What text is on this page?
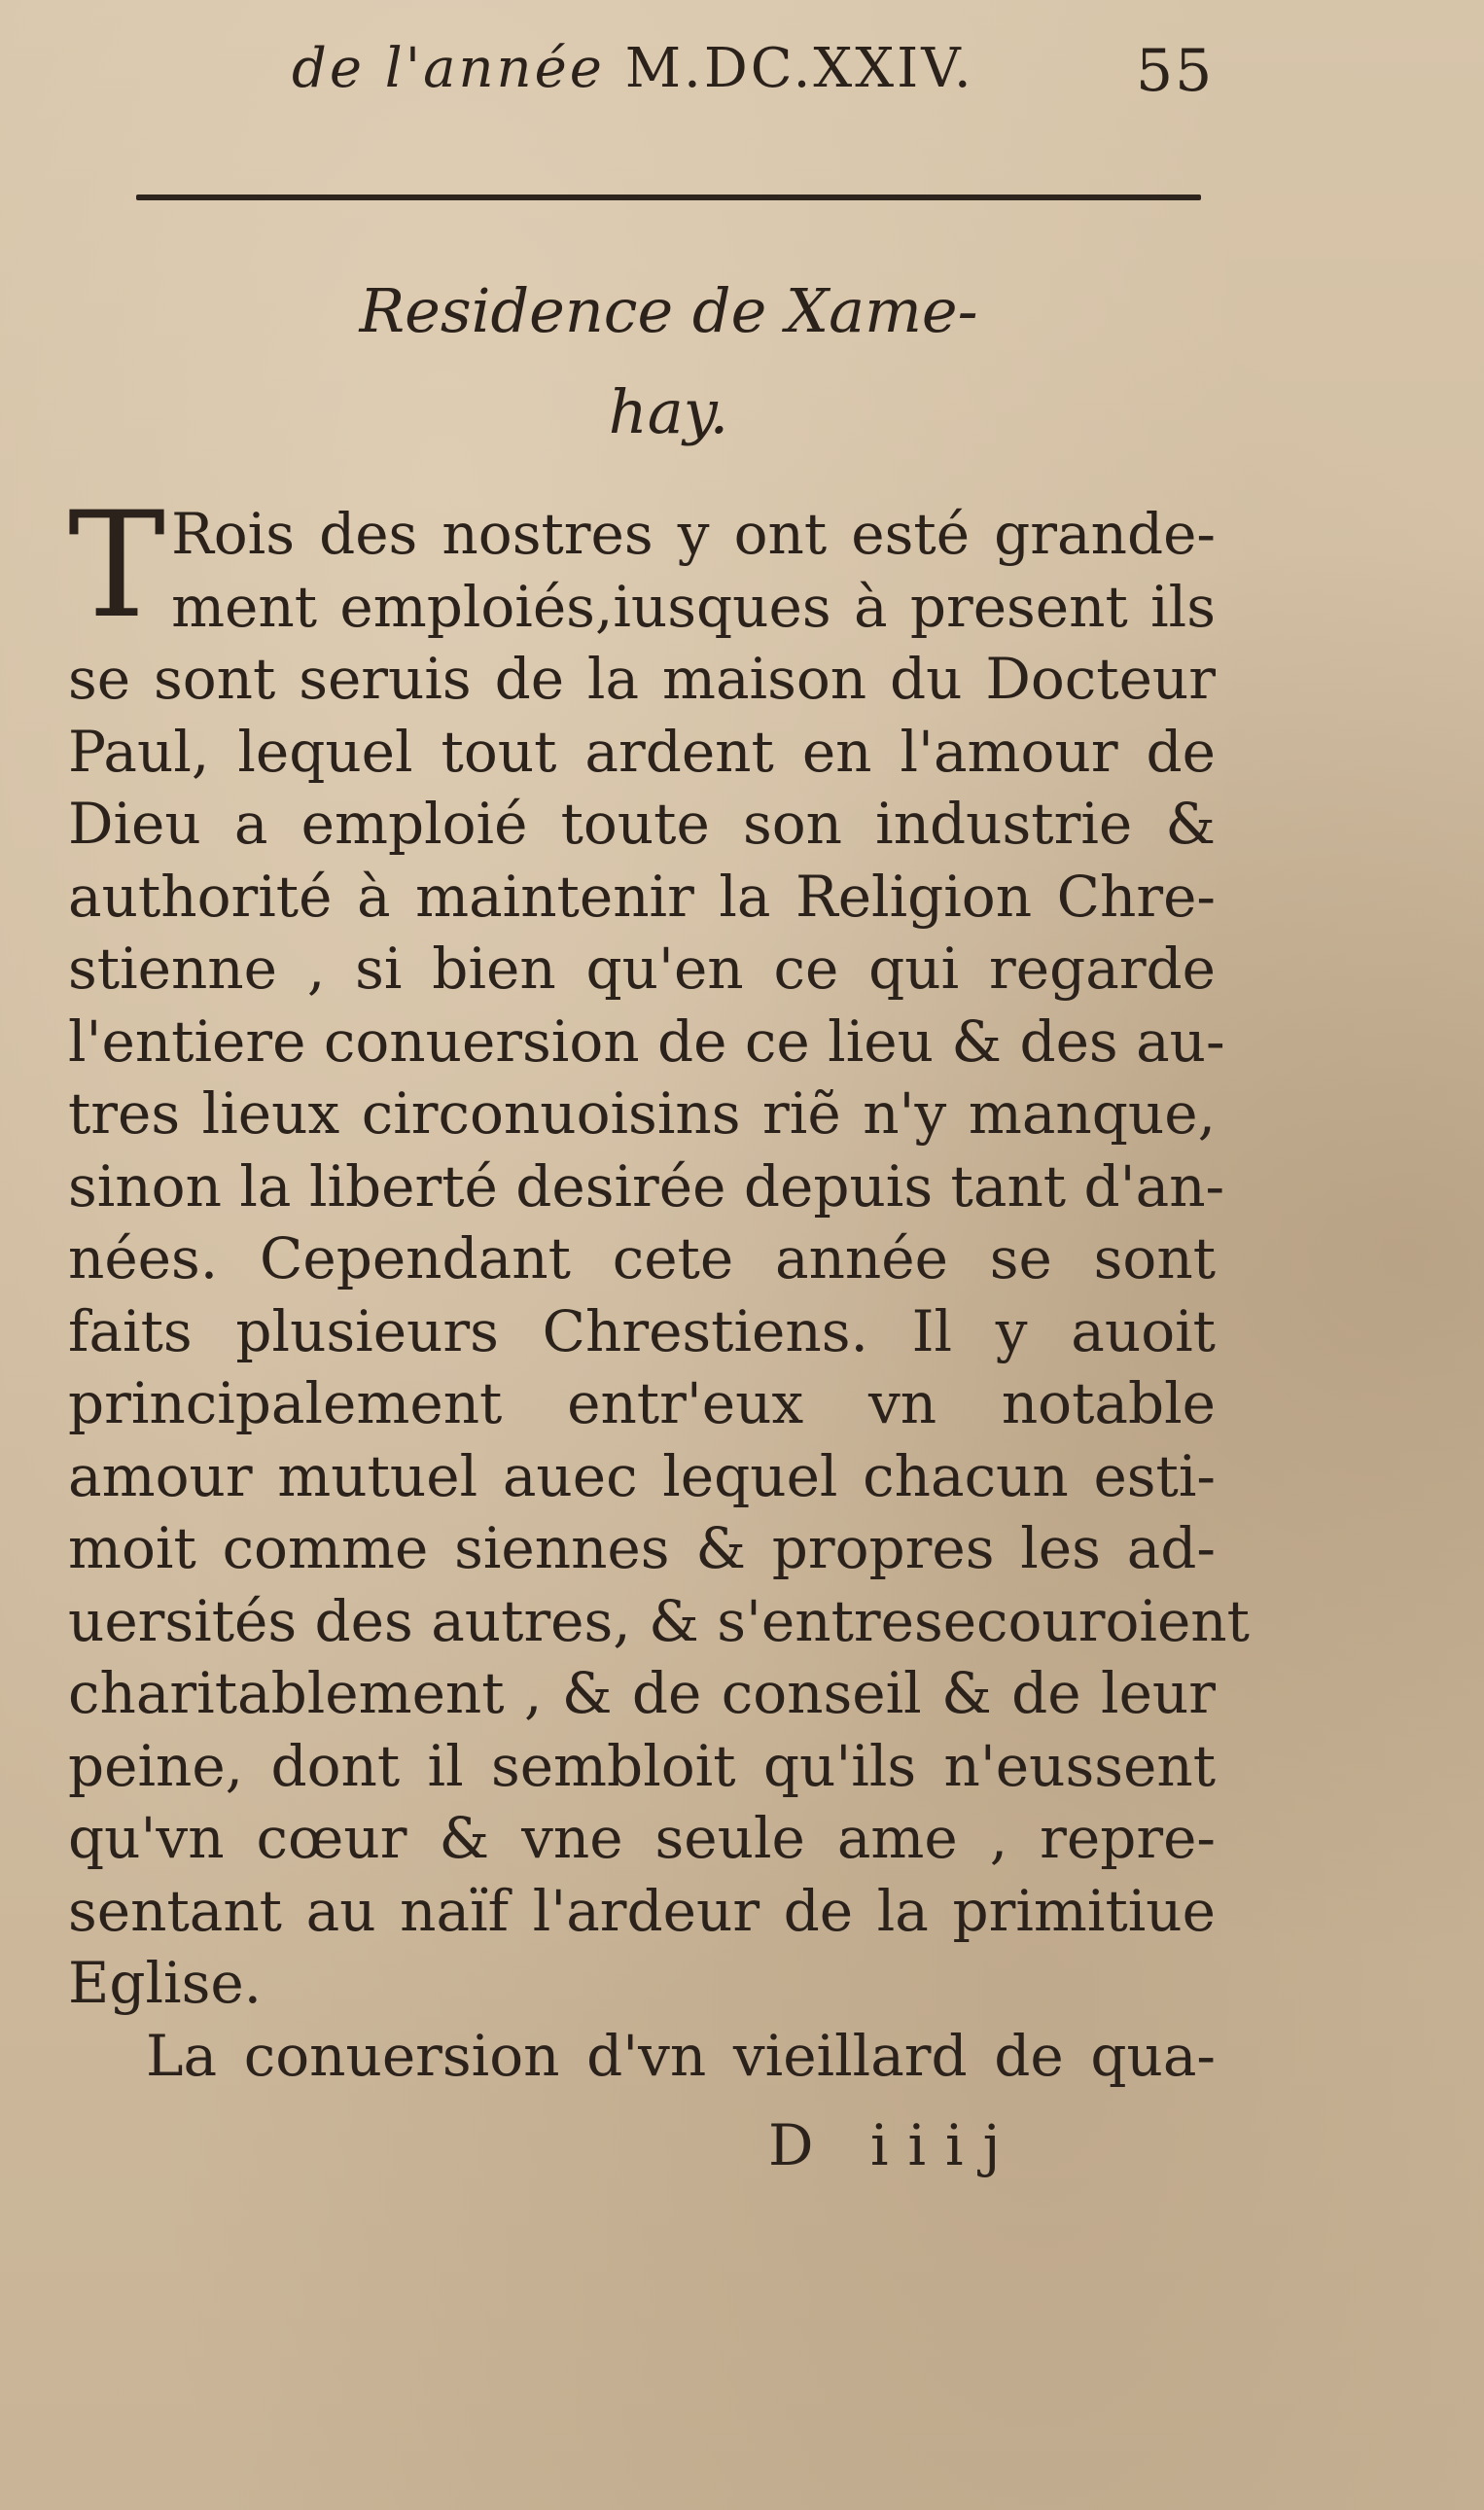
de l'année M.DC.XXIV.	55
Residence de Xame-
hay.
T Rois des nostres y ont esté grande-
ment emploiés,iusques à present ils
se sont seruis de la maison du Docteur
Paul, lequel tout ardent en l'amour de
Dieu a emploié toute son industrie &
authorité à maintenir la Religion Chre-
stienne , si bien qu'en ce qui regarde
l'entiere conuersion de ce lieu & des au-
tres lieux circonuoisins riẽ n'y manque,
sinon la liberté desirée depuis tant d'an-
nées. Cependant cete année se sont
faits plusieurs Chrestiens. Il y auoit
principalement entr'eux vn notable
amour mutuel auec lequel chacun esti-
moit comme siennes & propres les ad-
uersités des autres, & s'entresecouroient
charitablement , & de conseil & de leur
peine, dont il sembloit qu'ils n'eussent
qu'vn cœur & vne seule ame , repre-
sentant au naïf l'ardeur de la primitiue
Eglise.
La conuersion d'vn vieillard de qua-
D iiij
